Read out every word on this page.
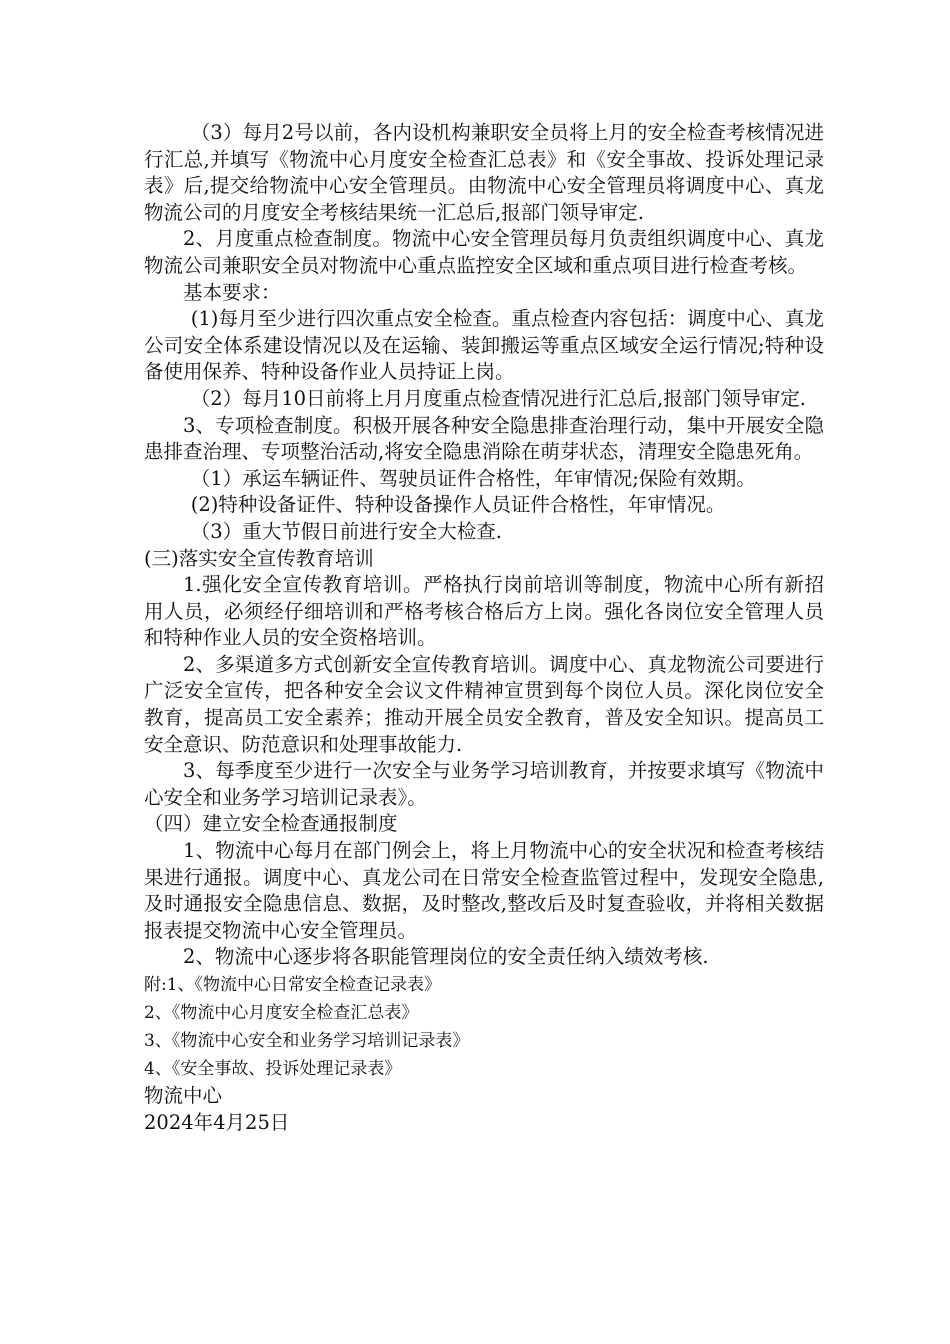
（3）每月2号以前，各内设机构兼职安全员将上月的安全检查考核情况进行汇总,并填写《物流中心月度安全检查汇总表》和《安全事故、投诉处理记录表》后,提交给物流中心安全管理员。由物流中心安全管理员将调度中心、真龙物流公司的月度安全考核结果统一汇总后,报部门领导审定.

2、月度重点检查制度。物流中心安全管理员每月负责组织调度中心、真龙物流公司兼职安全员对物流中心重点监控安全区域和重点项目进行检查考核。

基本要求：

(1)每月至少进行四次重点安全检查。重点检查内容包括：调度中心、真龙公司安全体系建设情况以及在运输、装卸搬运等重点区域安全运行情况;特种设备使用保养、特种设备作业人员持证上岗。

（2）每月10日前将上月月度重点检查情况进行汇总后,报部门领导审定.

3、专项检查制度。积极开展各种安全隐患排查治理行动，集中开展安全隐患排查治理、专项整治活动,将安全隐患消除在萌芽状态，清理安全隐患死角。

（1）承运车辆证件、驾驶员证件合格性，年审情况;保险有效期。

(2)特种设备证件、特种设备操作人员证件合格性，年审情况。

（3）重大节假日前进行安全大检查.

(三)落实安全宣传教育培训

1.强化安全宣传教育培训。严格执行岗前培训等制度，物流中心所有新招用人员，必须经仔细培训和严格考核合格后方上岗。强化各岗位安全管理人员和特种作业人员的安全资格培训。

2、多渠道多方式创新安全宣传教育培训。调度中心、真龙物流公司要进行广泛安全宣传，把各种安全会议文件精神宣贯到每个岗位人员。深化岗位安全教育，提高员工安全素养；推动开展全员安全教育，普及安全知识。提高员工安全意识、防范意识和处理事故能力.

3、每季度至少进行一次安全与业务学习培训教育，并按要求填写《物流中心安全和业务学习培训记录表》。

（四）建立安全检查通报制度

1、物流中心每月在部门例会上，将上月物流中心的安全状况和检查考核结果进行通报。调度中心、真龙公司在日常安全检查监管过程中，发现安全隐患,及时通报安全隐患信息、数据，及时整改,整改后及时复查验收，并将相关数据报表提交物流中心安全管理员。

2、物流中心逐步将各职能管理岗位的安全责任纳入绩效考核.

附:1、《物流中心日常安全检查记录表》

2、《物流中心月度安全检查汇总表》

3、《物流中心安全和业务学习培训记录表》

4、《安全事故、投诉处理记录表》

物流中心

2024年4月25日
